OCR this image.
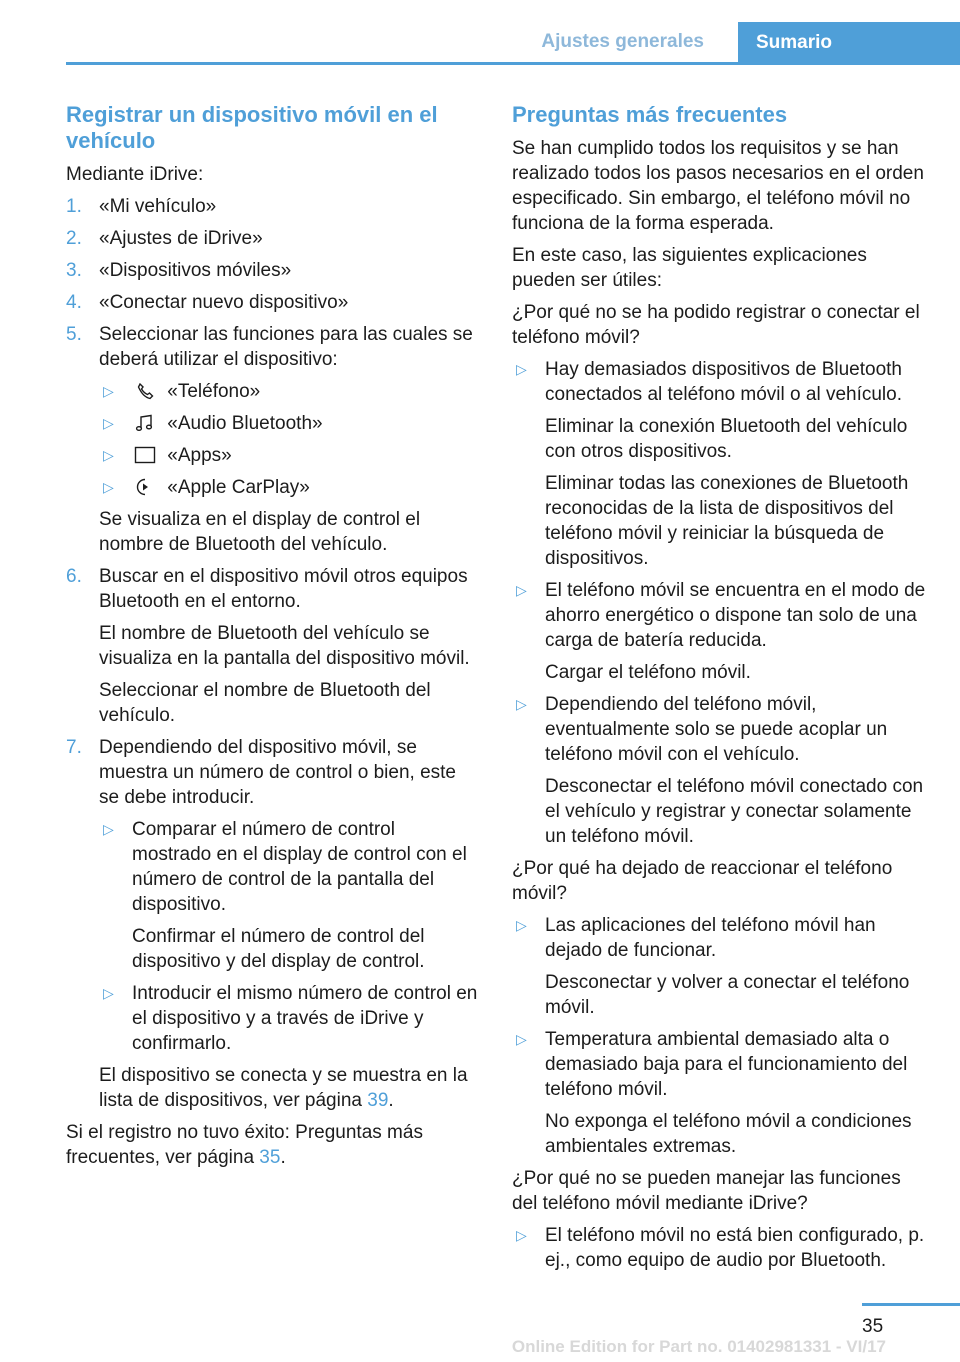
Ajustes generales	Sumario
Registrar un dispositivo móvil en el vehículo

Mediante iDrive:

1. «Mi vehículo»
2. «Ajustes de iDrive»
3. «Dispositivos móviles»
4. «Conectar nuevo dispositivo»
5. Seleccionar las funciones para las cuales se deberá utilizar el dispositivo:
▷	«Teléfono»
▷	«Audio Bluetooth»
▷	«Apps»
▷	«Apple CarPlay»

Se visualiza en el display de control el nombre de Bluetooth del vehículo.

6. Buscar en el dispositivo móvil otros equipos Bluetooth en el entorno.

El nombre de Bluetooth del vehículo se visualiza en la pantalla del dispositivo móvil.

Seleccionar el nombre de Bluetooth del vehículo.

7. Dependiendo del dispositivo móvil, se muestra un número de control o bien, este se debe introducir.

▷ Comparar el número de control mostrado en el display de control con el número de control de la pantalla del dispositivo.

Confirmar el número de control del dispositivo y del display de control.

▷ Introducir el mismo número de control en el dispositivo y a través de iDrive y confirmarlo.

El dispositivo se conecta y se muestra en la lista de dispositivos, ver página 39.

Si el registro no tuvo éxito: Preguntas más frecuentes, ver página 35.

Preguntas más frecuentes

Se han cumplido todos los requisitos y se han realizado todos los pasos necesarios en el orden especificado. Sin embargo, el teléfono móvil no funciona de la forma esperada.

En este caso, las siguientes explicaciones pueden ser útiles:

¿Por qué no se ha podido registrar o conectar el teléfono móvil?

▷ Hay demasiados dispositivos de Bluetooth conectados al teléfono móvil o al vehículo.

Eliminar la conexión Bluetooth del vehículo con otros dispositivos.

Eliminar todas las conexiones de Bluetooth reconocidas de la lista de dispositivos del teléfono móvil y reiniciar la búsqueda de dispositivos.

▷ El teléfono móvil se encuentra en el modo de ahorro energético o dispone tan solo de una carga de batería reducida.

Cargar el teléfono móvil.

▷ Dependiendo del teléfono móvil, eventualmente solo se puede acoplar un teléfono móvil con el vehículo.

Desconectar el teléfono móvil conectado con el vehículo y registrar y conectar solamente un teléfono móvil.

¿Por qué ha dejado de reaccionar el teléfono móvil?

▷ Las aplicaciones del teléfono móvil han dejado de funcionar.

Desconectar y volver a conectar el teléfono móvil.

▷ Temperatura ambiental demasiado alta o demasiado baja para el funcionamiento del teléfono móvil.

No exponga el teléfono móvil a condiciones ambientales extremas.

¿Por qué no se pueden manejar las funciones del teléfono móvil mediante iDrive?

▷ El teléfono móvil no está bien configurado, p. ej., como equipo de audio por Bluetooth.

35
Online Edition for Part no. 01402981331 - VI/17
